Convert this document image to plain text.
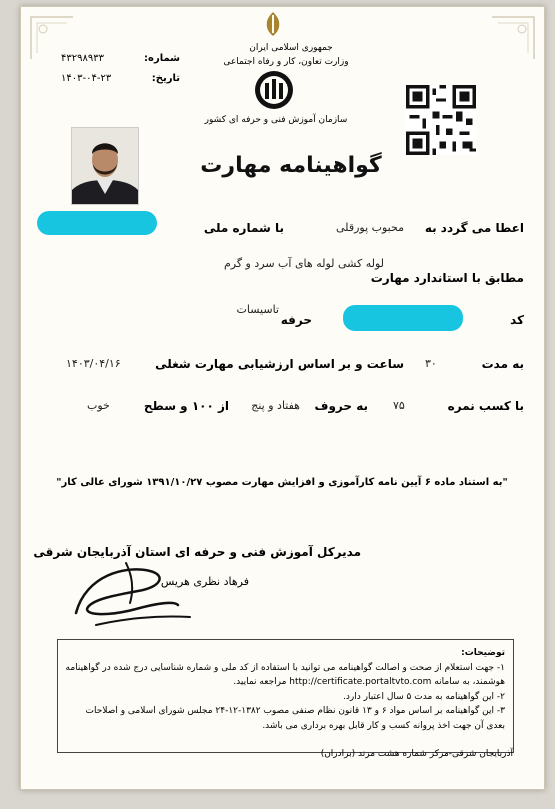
جمهوری اسلامی ایران
وزارت تعاون، کار و رفاه اجتماعی
سازمان آموزش فنی و حرفه ای کشور
شماره:
۴۳۲۹۸۹۳۳
تاریخ:
۱۴۰۳-۰۴-۲۳
گواهینامه مهارت
اعطا می گردد به
محبوب پورقلی
با شماره ملی
لوله کشی لوله های آب سرد و گرم
مطابق با استاندارد مهارت
کد
حرفه
تاسیسات
به مدت
۳۰
ساعت و بر اساس ارزشیابی مهارت شغلی
۱۴۰۳/۰۴/۱۶
با کسب نمره
۷۵
به حروف
هفتاد و پنج
از ۱۰۰ و سطح
خوب
"به استناد ماده ۶ آیین نامه کارآموزی و افزایش مهارت مصوب ۱۳۹۱/۱۰/۲۷ شورای عالی کار"
مدیرکل آموزش فنی و حرفه ای استان آذربایجان شرقی
فرهاد نظری هریس

توضیحات:

۱- جهت استعلام از صحت و اصالت گواهینامه می توانید با استفاده از کد ملی و شماره شناسایی درج شده در گواهینامه هوشمند، به سامانه http://certificate.portaltvto.com مراجعه نمایید.

۲- این گواهینامه به مدت ۵ سال اعتبار دارد.

۳- این گواهینامه بر اساس مواد ۶ و ۱۳ قانون نظام صنفی مصوب ۱۳۸۲-۱۲-۲۴ مجلس شورای اسلامی و اصلاحات بعدی آن جهت اخذ پروانه کسب و کار قابل بهره برداری می باشد.

آذربایجان شرقی-مرکز شماره هشت مرند (برادران)
